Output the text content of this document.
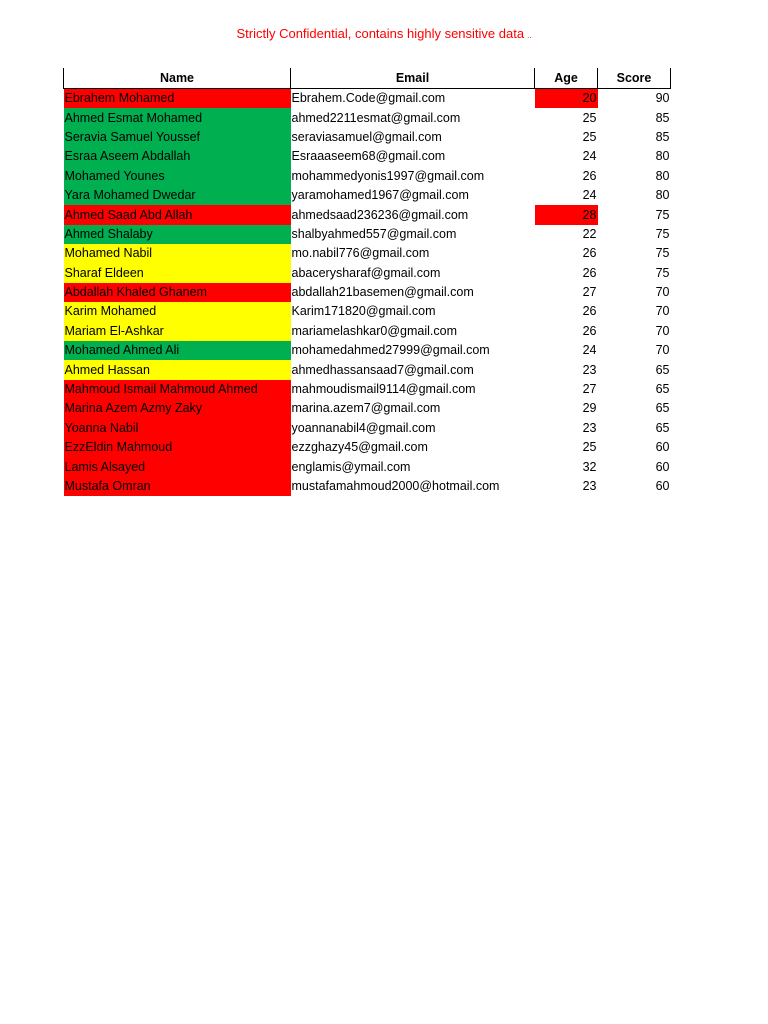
Strictly Confidential, contains highly sensitive data ..
Name	Email	Age	Score
Ebrahem Mohamed	Ebrahem.Code@gmail.com	20	90
Ahmed Esmat Mohamed	ahmed2211esmat@gmail.com	25	85
Seravia Samuel Youssef	seraviasamuel@gmail.com	25	85
Esraa Aseem Abdallah	Esraaaseem68@gmail.com	24	80
Mohamed Younes	mohammedyonis1997@gmail.com	26	80
Yara Mohamed Dwedar	yaramohamed1967@gmail.com	24	80
Ahmed Saad Abd Allah	ahmedsaad236236@gmail.com	28	75
Ahmed Shalaby	shalbyahmed557@gmail.com	22	75
Mohamed Nabil	mo.nabil776@gmail.com	26	75
Sharaf Eldeen	abacerysharaf@gmail.com	26	75
Abdallah Khaled Ghanem	abdallah21basemen@gmail.com	27	70
Karim Mohamed	Karim171820@gmail.com	26	70
Mariam El-Ashkar	mariamelashkar0@gmail.com	26	70
Mohamed Ahmed Ali	mohamedahmed27999@gmail.com	24	70
Ahmed Hassan	ahmedhassansaad7@gmail.com	23	65
Mahmoud Ismail Mahmoud Ahmed	mahmoudismail9114@gmail.com	27	65
Marina Azem Azmy Zaky	marina.azem7@gmail.com	29	65
Yoanna Nabil	yoannanabil4@gmail.com	23	65
EzzEldin Mahmoud	ezzghazy45@gmail.com	25	60
Lamis Alsayed	englamis@ymail.com	32	60
Mustafa Omran	mustafamahmoud2000@hotmail.com	23	60
